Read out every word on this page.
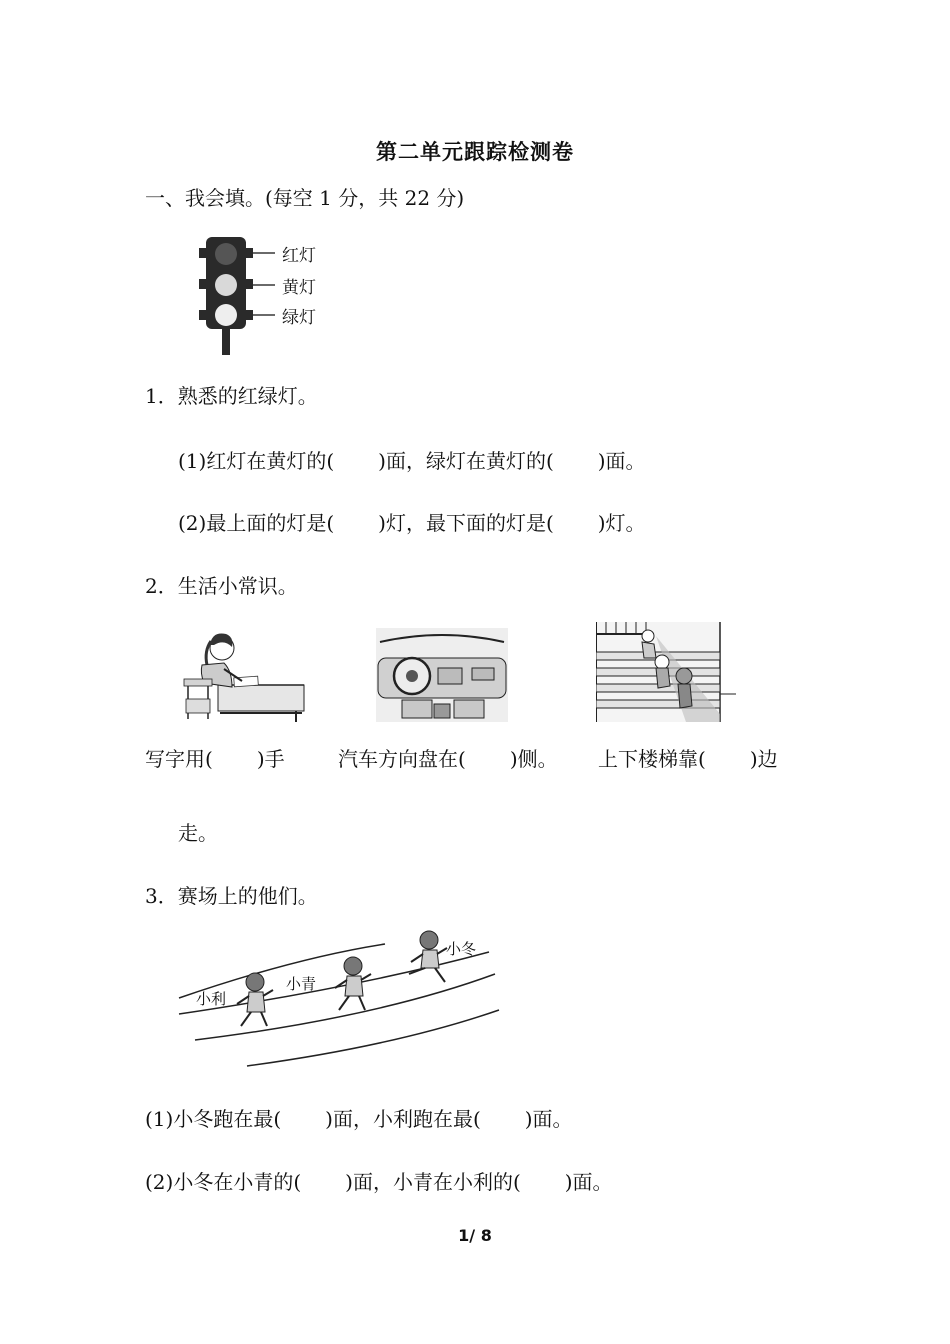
第二单元跟踪检测卷
一、我会填。(每空 1 分，共 22 分)
红灯
黄灯
绿灯
1．熟悉的红绿灯。
(1)红灯在黄灯的( )面，绿灯在黄灯的( )面。
(2)最上面的灯是( )灯，最下面的灯是( )灯。
2．生活小常识。
写字用( )手	汽车方向盘在( )侧。 上下楼梯靠( )边
走。
3．赛场上的他们。
小利
小青
小冬
(1)小冬跑在最( )面，小利跑在最( )面。
(2)小冬在小青的( )面，小青在小利的( )面。
1/ 8
